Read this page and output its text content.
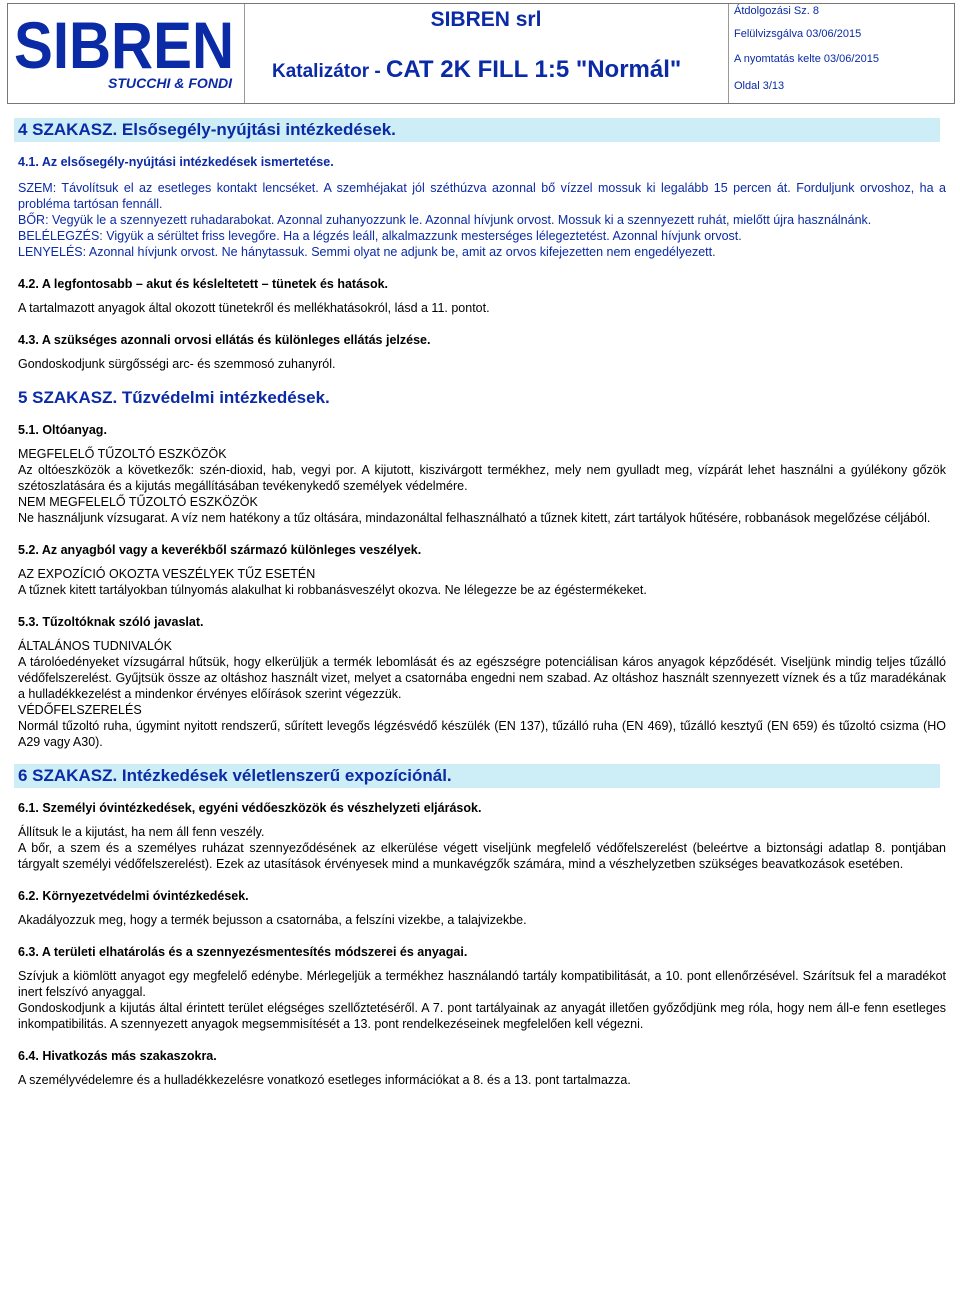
SIBREN
STUCCHI & FONDI
SIBREN srl
Katalizátor - CAT 2K FILL 1:5 "Normál"
Átdolgozási Sz. 8
Felülvizsgálva 03/06/2015
A nyomtatás kelte 03/06/2015
Oldal 3/13
4 SZAKASZ. Elsősegély-nyújtási intézkedések.

4.1. Az elsősegély-nyújtási intézkedések ismertetése.

SZEM: Távolítsuk el az esetleges kontakt lencséket. A szemhéjakat jól széthúzva azonnal bő vízzel mossuk ki legalább 15 percen át. Forduljunk orvoshoz, ha a probléma tartósan fennáll.

BŐR: Vegyük le a szennyezett ruhadarabokat. Azonnal zuhanyozzunk le. Azonnal hívjunk orvost. Mossuk ki a szennyezett ruhát, mielőtt újra használnánk.

BELÉLEGZÉS: Vigyük a sérültet friss levegőre. Ha a légzés leáll, alkalmazzunk mesterséges lélegeztetést. Azonnal hívjunk orvost.

LENYELÉS: Azonnal hívjunk orvost. Ne hánytassuk. Semmi olyat ne adjunk be, amit az orvos kifejezetten nem engedélyezett.

4.2. A legfontosabb – akut és késleltetett – tünetek és hatások.

A tartalmazott anyagok által okozott tünetekről és mellékhatásokról, lásd a 11. pontot.

4.3. A szükséges azonnali orvosi ellátás és különleges ellátás jelzése.

Gondoskodjunk sürgősségi arc- és szemmosó zuhanyról.

5 SZAKASZ. Tűzvédelmi intézkedések.

5.1. Oltóanyag.

MEGFELELŐ TŰZOLTÓ ESZKÖZÖK

Az oltóeszközök a következők: szén-dioxid, hab, vegyi por. A kijutott, kiszivárgott termékhez, mely nem gyulladt meg, vízpárát lehet használni a gyúlékony gőzök szétoszlatására és a kijutás megállításában tevékenykedő személyek védelmére.

NEM MEGFELELŐ TŰZOLTÓ ESZKÖZÖK

Ne használjunk vízsugarat. A víz nem hatékony a tűz oltására, mindazonáltal felhasználható a tűznek kitett, zárt tartályok hűtésére, robbanások megelőzése céljából.

5.2. Az anyagból vagy a keverékből származó különleges veszélyek.

AZ EXPOZÍCIÓ OKOZTA VESZÉLYEK TŰZ ESETÉN

A tűznek kitett tartályokban túlnyomás alakulhat ki robbanásveszélyt okozva. Ne lélegezze be az égéstermékeket.

5.3. Tűzoltóknak szóló javaslat.

ÁLTALÁNOS TUDNIVALÓK

A tárolóedényeket vízsugárral hűtsük, hogy elkerüljük a termék lebomlását és az egészségre potenciálisan káros anyagok képződését. Viseljünk mindig teljes tűzálló védőfelszerelést. Gyűjtsük össze az oltáshoz használt vizet, melyet a csatornába engedni nem szabad. Az oltáshoz használt szennyezett víznek és a tűz maradékának a hulladékkezelést a mindenkor érvényes előírások szerint végezzük.

VÉDŐFELSZERELÉS

Normál tűzoltó ruha, úgymint nyitott rendszerű, sűrített levegős légzésvédő készülék (EN 137), tűzálló ruha (EN 469), tűzálló kesztyű (EN 659) és tűzoltó csizma (HO A29 vagy A30).

6 SZAKASZ. Intézkedések véletlenszerű expozíciónál.

6.1. Személyi óvintézkedések, egyéni védőeszközök és vészhelyzeti eljárások.

Állítsuk le a kijutást, ha nem áll fenn veszély.

A bőr, a szem és a személyes ruházat szennyeződésének az elkerülése végett viseljünk megfelelő védőfelszerelést (beleértve a biztonsági adatlap 8. pontjában tárgyalt személyi védőfelszerelést). Ezek az utasítások érvényesek mind a munkavégzők számára, mind a vészhelyzetben szükséges beavatkozások esetében.

6.2. Környezetvédelmi óvintézkedések.

Akadályozzuk meg, hogy a termék bejusson a csatornába, a felszíni vizekbe, a talajvizekbe.

6.3. A területi elhatárolás és a szennyezésmentesítés módszerei és anyagai.

Szívjuk a kiömlött anyagot egy megfelelő edénybe. Mérlegeljük a termékhez használandó tartály kompatibilitását, a 10. pont ellenőrzésével. Szárítsuk fel a maradékot inert felszívó anyaggal.

Gondoskodjunk a kijutás által érintett terület elégséges szellőztetéséről. A 7. pont tartályainak az anyagát illetően győződjünk meg róla, hogy nem áll-e fenn esetleges inkompatibilitás. A szennyezett anyagok megsemmisítését a 13. pont rendelkezéseinek megfelelően kell végezni.

6.4. Hivatkozás más szakaszokra.

A személyvédelemre és a hulladékkezelésre vonatkozó esetleges információkat a 8. és a 13. pont tartalmazza.
